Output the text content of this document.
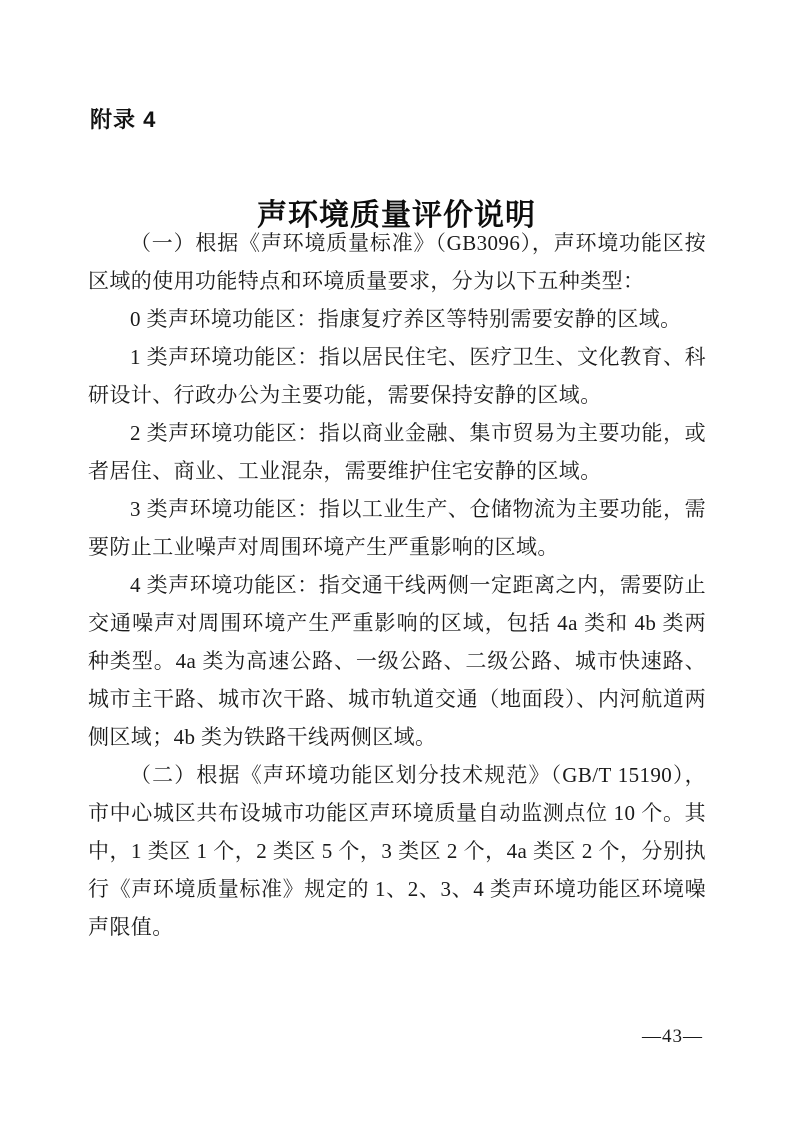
附录 4
声环境质量评价说明

（一）根据《声环境质量标准》（GB3096），声环境功能区按区域的使用功能特点和环境质量要求，分为以下五种类型：

0 类声环境功能区：指康复疗养区等特别需要安静的区域。

1 类声环境功能区：指以居民住宅、医疗卫生、文化教育、科研设计、行政办公为主要功能，需要保持安静的区域。

2 类声环境功能区：指以商业金融、集市贸易为主要功能，或者居住、商业、工业混杂，需要维护住宅安静的区域。

3 类声环境功能区：指以工业生产、仓储物流为主要功能，需要防止工业噪声对周围环境产生严重影响的区域。

4 类声环境功能区：指交通干线两侧一定距离之内，需要防止交通噪声对周围环境产生严重影响的区域，包括 4a 类和 4b 类两种类型。4a 类为高速公路、一级公路、二级公路、城市快速路、城市主干路、城市次干路、城市轨道交通（地面段）、内河航道两侧区域；4b 类为铁路干线两侧区域。

（二）根据《声环境功能区划分技术规范》（GB/T 15190），市中心城区共布设城市功能区声环境质量自动监测点位 10 个。其中，1 类区 1 个，2 类区 5 个，3 类区 2 个，4a 类区 2 个，分别执行《声环境质量标准》规定的 1、2、3、4 类声环境功能区环境噪声限值。

—43—
